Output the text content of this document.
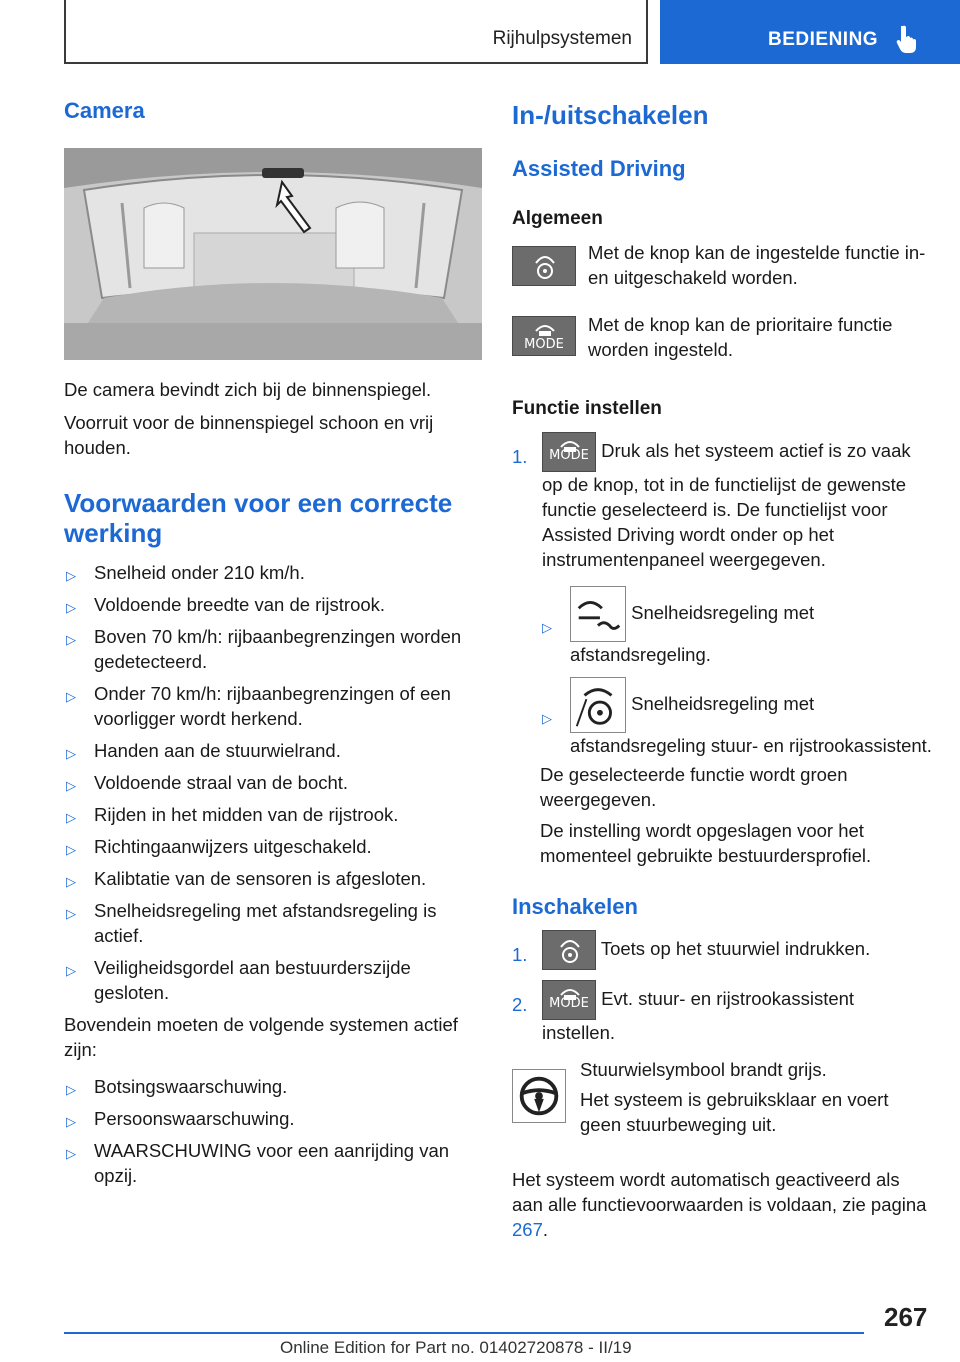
Rijhulpsystemen	BEDIENING
Camera

De camera bevindt zich bij de binnenspiegel.

Voorruit voor de binnenspiegel schoon en vrij houden.

Voorwaarden voor een correcte werking
▷ Snelheid onder 210 km/h.
▷ Voldoende breedte van de rijstrook.
▷ Boven 70 km/h: rijbaanbegrenzingen worden gedetecteerd.
▷ Onder 70 km/h: rijbaanbegrenzingen of een voorligger wordt herkend.
▷ Handen aan de stuurwielrand.
▷ Voldoende straal van de bocht.
▷ Rijden in het midden van de rijstrook.
▷ Richtingaanwijzers uitgeschakeld.
▷ Kalibtatie van de sensoren is afgesloten.
▷ Snelheidsregeling met afstandsregeling is actief.
▷ Veiligheidsgordel aan bestuurderszijde gesloten.

Bovendein moeten de volgende systemen actief zijn:

▷ Botsingswaarschuwing.
▷ Persoonswaarschuwing.
▷ WAARSCHUWING voor een aanrijding van opzij.
In-/uitschakelen
Assisted Driving
Algemeen

Met de knop kan de ingestelde functie in- en uitgeschakeld worden.

MODE

Met de knop kan de prioritaire functie worden ingesteld.

Functie instellen
1.	MODE Druk als het systeem actief is zo vaak op de knop, tot in de functielijst de gewenste functie geselecteerd is. De functielijst voor Assisted Driving wordt onder op het instrumentenpaneel weergegeven.

▷

Snelheidsregeling met afstandsregeling.

▷

Snelheidsregeling met afstandsregeling stuur- en rijstrookassistent.

De geselecteerde functie wordt groen weergegeven.

De instelling wordt opgeslagen voor het momenteel gebruikte bestuurdersprofiel.

Inschakelen
1.	Toets op het stuurwiel indrukken.

2.	MODE Evt. stuur- en rijstrookassistent instellen.

Stuurwielsymbool brandt grijs.

Het systeem is gebruiksklaar en voert geen stuurbeweging uit.

Het systeem wordt automatisch geactiveerd als aan alle functievoorwaarden is voldaan, zie pagina 267.

267
Online Edition for Part no. 01402720878 - II/19
